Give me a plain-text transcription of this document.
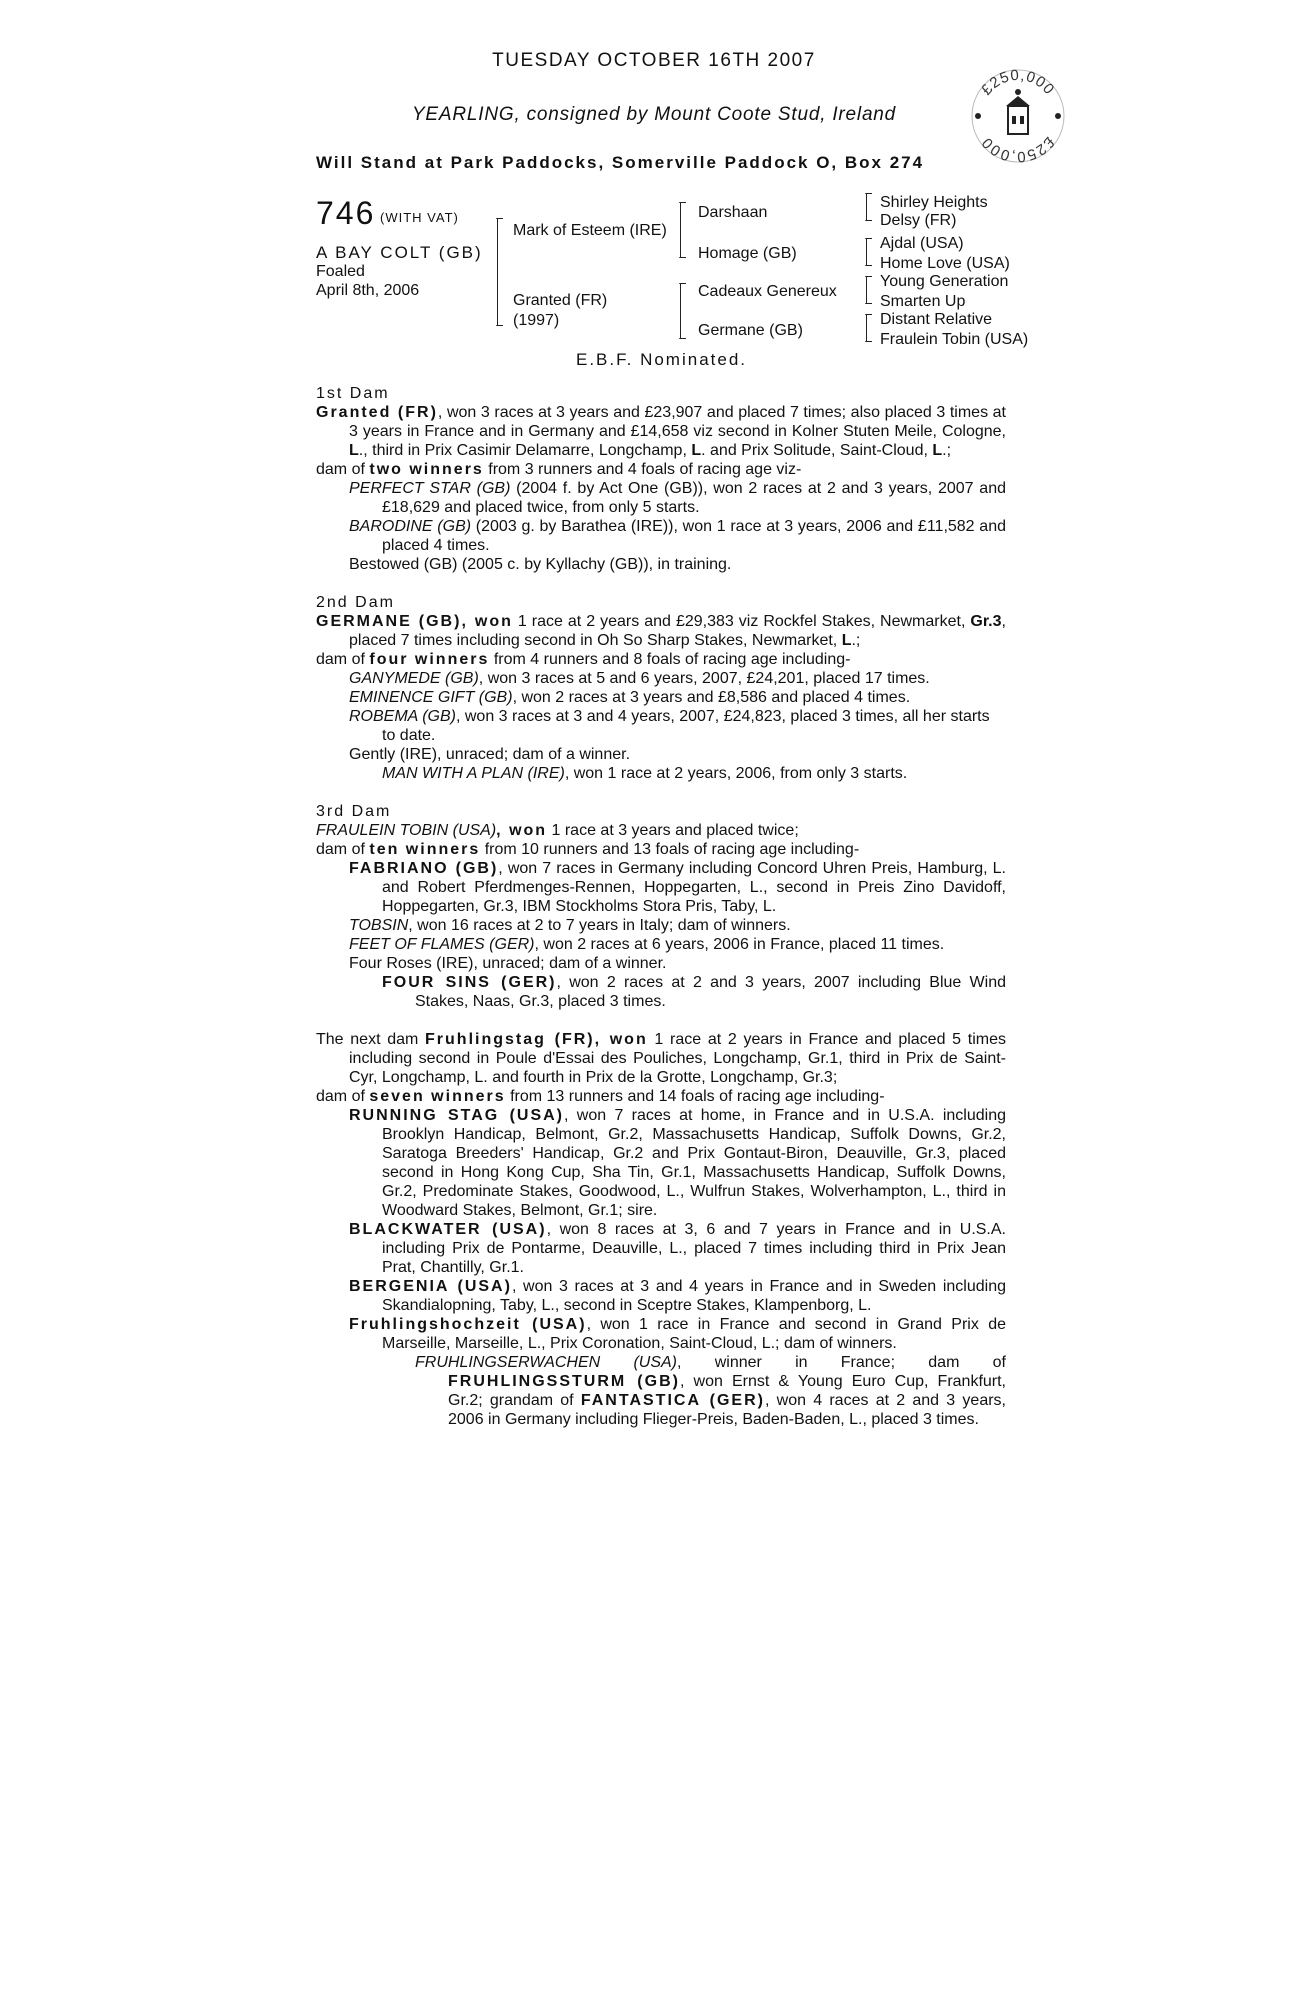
TUESDAY OCTOBER 16TH 2007
YEARLING, consigned by Mount Coote Stud, Ireland
Will Stand at Park Paddocks, Somerville Paddock O, Box 274
£250,000
£250,000
746 (WITH VAT)
A BAY COLT (GB)
Foaled
April 8th, 2006
Mark of Esteem (IRE)
Granted (FR)
(1997)
Darshaan
Homage (GB)
Cadeaux Genereux
Germane (GB)
Shirley Heights
Delsy (FR)
Ajdal (USA)
Home Love (USA)
Young Generation
Smarten Up
Distant Relative
Fraulein Tobin (USA)
E.B.F. Nominated.

1st Dam

Granted (FR), won 3 races at 3 years and £23,907 and placed 7 times; also placed 3 times at 3 years in France and in Germany and £14,658 viz second in Kolner Stuten Meile, Cologne, L., third in Prix Casimir Delamarre, Longchamp, L. and Prix Solitude, Saint-Cloud, L.;

dam of two winners from 3 runners and 4 foals of racing age viz-

PERFECT STAR (GB) (2004 f. by Act One (GB)), won 2 races at 2 and 3 years, 2007 and £18,629 and placed twice, from only 5 starts.

BARODINE (GB) (2003 g. by Barathea (IRE)), won 1 race at 3 years, 2006 and £11,582 and placed 4 times.

Bestowed (GB) (2005 c. by Kyllachy (GB)), in training.

2nd Dam

GERMANE (GB), won 1 race at 2 years and £29,383 viz Rockfel Stakes, Newmarket, Gr.3, placed 7 times including second in Oh So Sharp Stakes, Newmarket, L.;

dam of four winners from 4 runners and 8 foals of racing age including-

GANYMEDE (GB), won 3 races at 5 and 6 years, 2007, £24,201, placed 17 times.

EMINENCE GIFT (GB), won 2 races at 3 years and £8,586 and placed 4 times.

ROBEMA (GB), won 3 races at 3 and 4 years, 2007, £24,823, placed 3 times, all her starts to date.

Gently (IRE), unraced; dam of a winner.

MAN WITH A PLAN (IRE), won 1 race at 2 years, 2006, from only 3 starts.

3rd Dam

FRAULEIN TOBIN (USA), won 1 race at 3 years and placed twice;

dam of ten winners from 10 runners and 13 foals of racing age including-

FABRIANO (GB), won 7 races in Germany including Concord Uhren Preis, Hamburg, L. and Robert Pferdmenges-Rennen, Hoppegarten, L., second in Preis Zino Davidoff, Hoppegarten, Gr.3, IBM Stockholms Stora Pris, Taby, L.

TOBSIN, won 16 races at 2 to 7 years in Italy; dam of winners.

FEET OF FLAMES (GER), won 2 races at 6 years, 2006 in France, placed 11 times.

Four Roses (IRE), unraced; dam of a winner.

FOUR SINS (GER), won 2 races at 2 and 3 years, 2007 including Blue Wind Stakes, Naas, Gr.3, placed 3 times.

The next dam Fruhlingstag (FR), won 1 race at 2 years in France and placed 5 times including second in Poule d'Essai des Pouliches, Longchamp, Gr.1, third in Prix de Saint-Cyr, Longchamp, L. and fourth in Prix de la Grotte, Longchamp, Gr.3;

dam of seven winners from 13 runners and 14 foals of racing age including-

RUNNING STAG (USA), won 7 races at home, in France and in U.S.A. including Brooklyn Handicap, Belmont, Gr.2, Massachusetts Handicap, Suffolk Downs, Gr.2, Saratoga Breeders' Handicap, Gr.2 and Prix Gontaut-Biron, Deauville, Gr.3, placed second in Hong Kong Cup, Sha Tin, Gr.1, Massachusetts Handicap, Suffolk Downs, Gr.2, Predominate Stakes, Goodwood, L., Wulfrun Stakes, Wolverhampton, L., third in Woodward Stakes, Belmont, Gr.1; sire.

BLACKWATER (USA), won 8 races at 3, 6 and 7 years in France and in U.S.A. including Prix de Pontarme, Deauville, L., placed 7 times including third in Prix Jean Prat, Chantilly, Gr.1.

BERGENIA (USA), won 3 races at 3 and 4 years in France and in Sweden including Skandialopning, Taby, L., second in Sceptre Stakes, Klampenborg, L.

Fruhlingshochzeit (USA), won 1 race in France and second in Grand Prix de Marseille, Marseille, L., Prix Coronation, Saint-Cloud, L.; dam of winners.

FRUHLINGSERWACHEN (USA), winner in France; dam of FRUHLINGSSTURM (GB), won Ernst & Young Euro Cup, Frankfurt, Gr.2; grandam of FANTASTICA (GER), won 4 races at 2 and 3 years, 2006 in Germany including Flieger-Preis, Baden-Baden, L., placed 3 times.
